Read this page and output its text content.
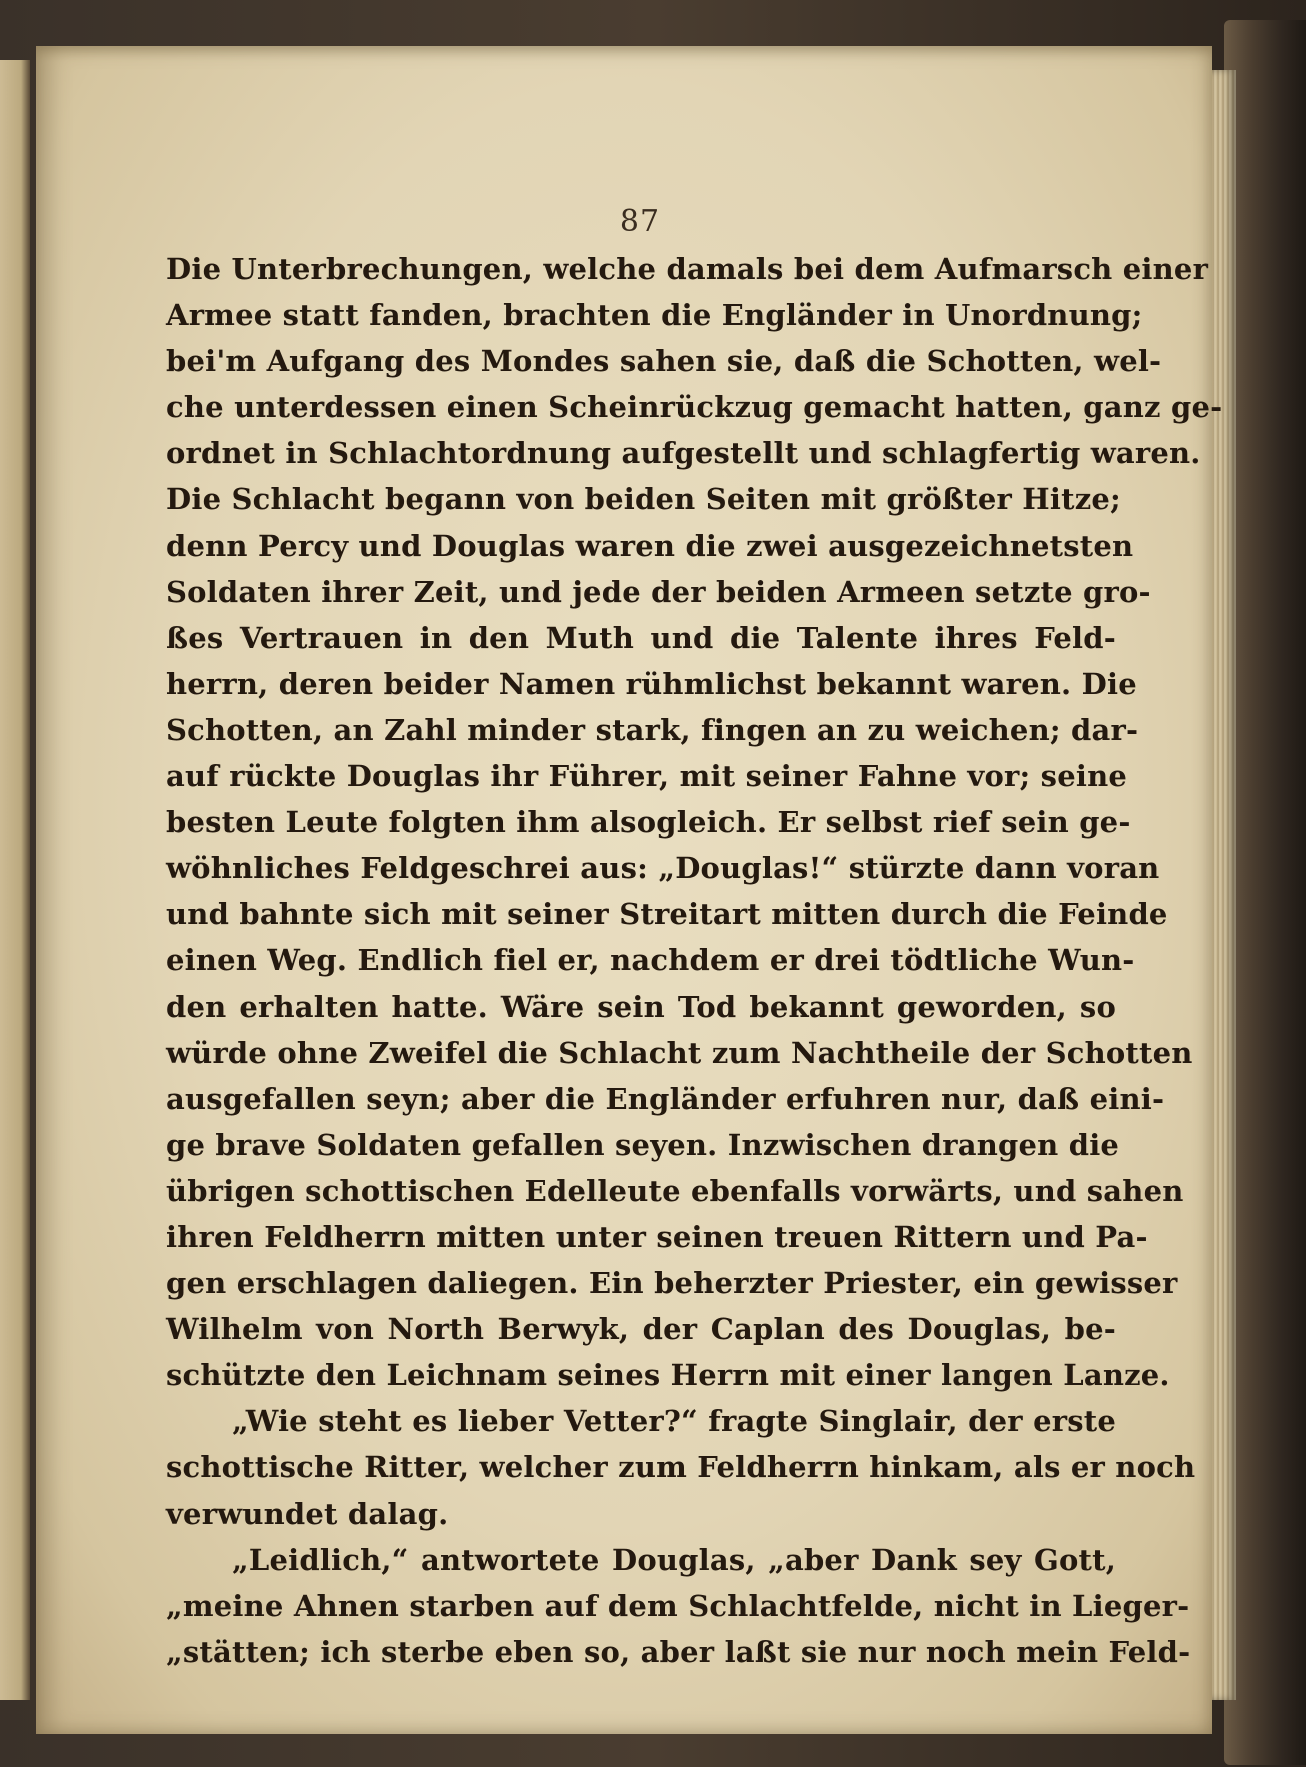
87
Die Unterbrechungen, welche damals bei dem Aufmarsch einer
Armee statt fanden, brachten die Engländer in Unordnung;
bei'm Aufgang des Mondes sahen sie, daß die Schotten, wel-
che unterdessen einen Scheinrückzug gemacht hatten, ganz ge-
ordnet in Schlachtordnung aufgestellt und schlagfertig waren.
Die Schlacht begann von beiden Seiten mit größter Hitze;
denn Percy und Douglas waren die zwei ausgezeichnetsten
Soldaten ihrer Zeit, und jede der beiden Armeen setzte gro-
ßes Vertrauen in den Muth und die Talente ihres Feld-
herrn, deren beider Namen rühmlichst bekannt waren. Die
Schotten, an Zahl minder stark, fingen an zu weichen; dar-
auf rückte Douglas ihr Führer, mit seiner Fahne vor; seine
besten Leute folgten ihm alsogleich. Er selbst rief sein ge-
wöhnliches Feldgeschrei aus: „Douglas!“ stürzte dann voran
und bahnte sich mit seiner Streitart mitten durch die Feinde
einen Weg. Endlich fiel er, nachdem er drei tödtliche Wun-
den erhalten hatte. Wäre sein Tod bekannt geworden, so
würde ohne Zweifel die Schlacht zum Nachtheile der Schotten
ausgefallen seyn; aber die Engländer erfuhren nur, daß eini-
ge brave Soldaten gefallen seyen. Inzwischen drangen die
übrigen schottischen Edelleute ebenfalls vorwärts, und sahen
ihren Feldherrn mitten unter seinen treuen Rittern und Pa-
gen erschlagen daliegen. Ein beherzter Priester, ein gewisser
Wilhelm von North Berwyk, der Caplan des Douglas, be-
schützte den Leichnam seines Herrn mit einer langen Lanze.
„Wie steht es lieber Vetter?“ fragte Singlair, der erste
schottische Ritter, welcher zum Feldherrn hinkam, als er noch
verwundet dalag.
„Leidlich,“ antwortete Douglas, „aber Dank sey Gott,
„meine Ahnen starben auf dem Schlachtfelde, nicht in Lieger-
„stätten; ich sterbe eben so, aber laßt sie nur noch mein Feld-
